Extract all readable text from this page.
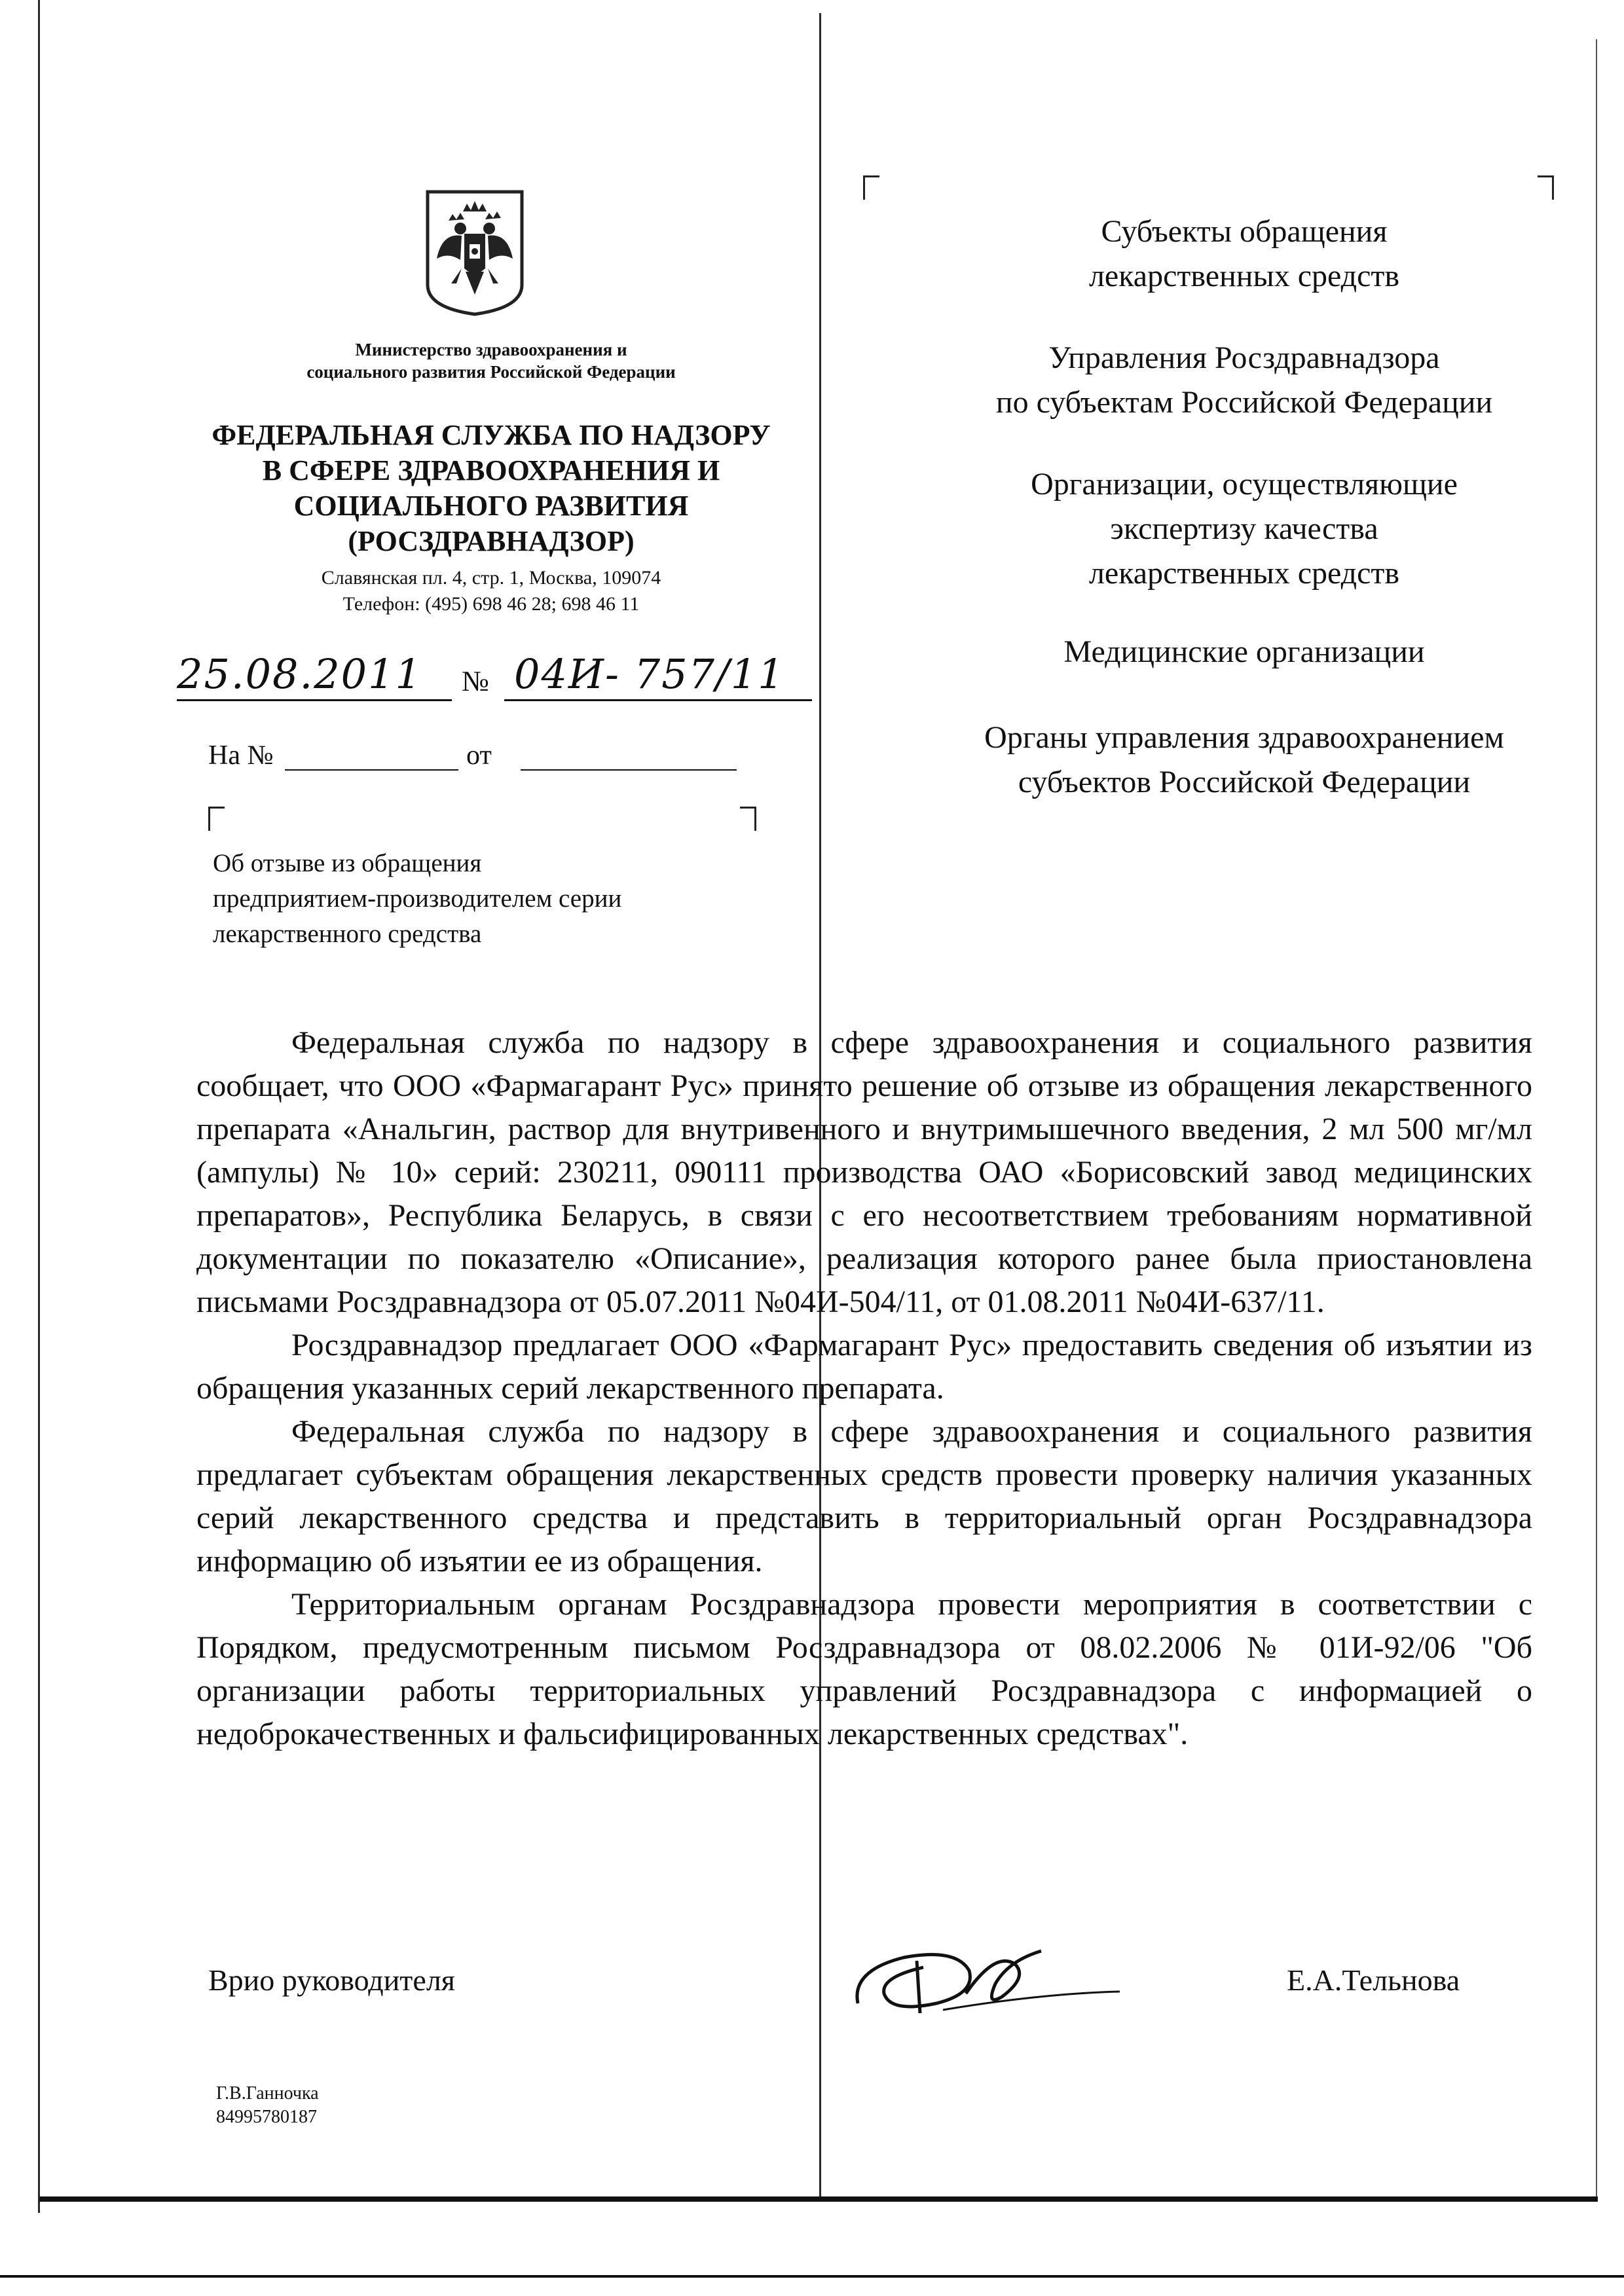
Министерство здравоохранения и
социального развития Российской Федерации
ФЕДЕРАЛЬНАЯ СЛУЖБА ПО НАДЗОРУ
В СФЕРЕ ЗДРАВООХРАНЕНИЯ И
СОЦИАЛЬНОГО РАЗВИТИЯ
(РОСЗДРАВНАДЗОР)
Славянская пл. 4, стр. 1, Москва, 109074
Телефон: (495) 698 46 28; 698 46 11
25.08.2011 № 04И- 757/11
На №	от
Об отзыве из обращения
предприятием-производителем серии
лекарственного средства
Субъекты обращения
лекарственных средств
Управления Росздравнадзора
по субъектам Российской Федерации
Организации, осуществляющие
экспертизу качества
лекарственных средств
Медицинские организации
Органы управления здравоохранением
субъектов Российской Федерации

Федеральная служба по надзору в сфере здравоохранения и социального развития сообщает, что ООО «Фармагарант Рус» принято решение об отзыве из обращения лекарственного препарата «Анальгин, раствор для внутривенного и внутримышечного введения, 2 мл 500 мг/мл (ампулы) № 10» серий: 230211, 090111 производства ОАО «Борисовский завод медицинских препаратов», Республика Беларусь, в связи с его несоответствием требованиям нормативной документации по показателю «Описание», реализация которого ранее была приостановлена письмами Росздравнадзора от 05.07.2011 №04И-504/11, от 01.08.2011 №04И-637/11.

Росздравнадзор предлагает ООО «Фармагарант Рус» предоставить сведения об изъятии из обращения указанных серий лекарственного препарата.

Федеральная служба по надзору в сфере здравоохранения и социального развития предлагает субъектам обращения лекарственных средств провести проверку наличия указанных серий лекарственного средства и представить в территориальный орган Росздравнадзора информацию об изъятии ее из обращения.

Территориальным органам Росздравнадзора провести мероприятия в соответствии с Порядком, предусмотренным письмом Росздравнадзора от 08.02.2006 № 01И-92/06 "Об организации работы территориальных управлений Росздравнадзора с информацией о недоброкачественных и фальсифицированных лекарственных средствах".

Врио руководителя	Е.А.Тельнова
Г.В.Ганночка
84995780187
